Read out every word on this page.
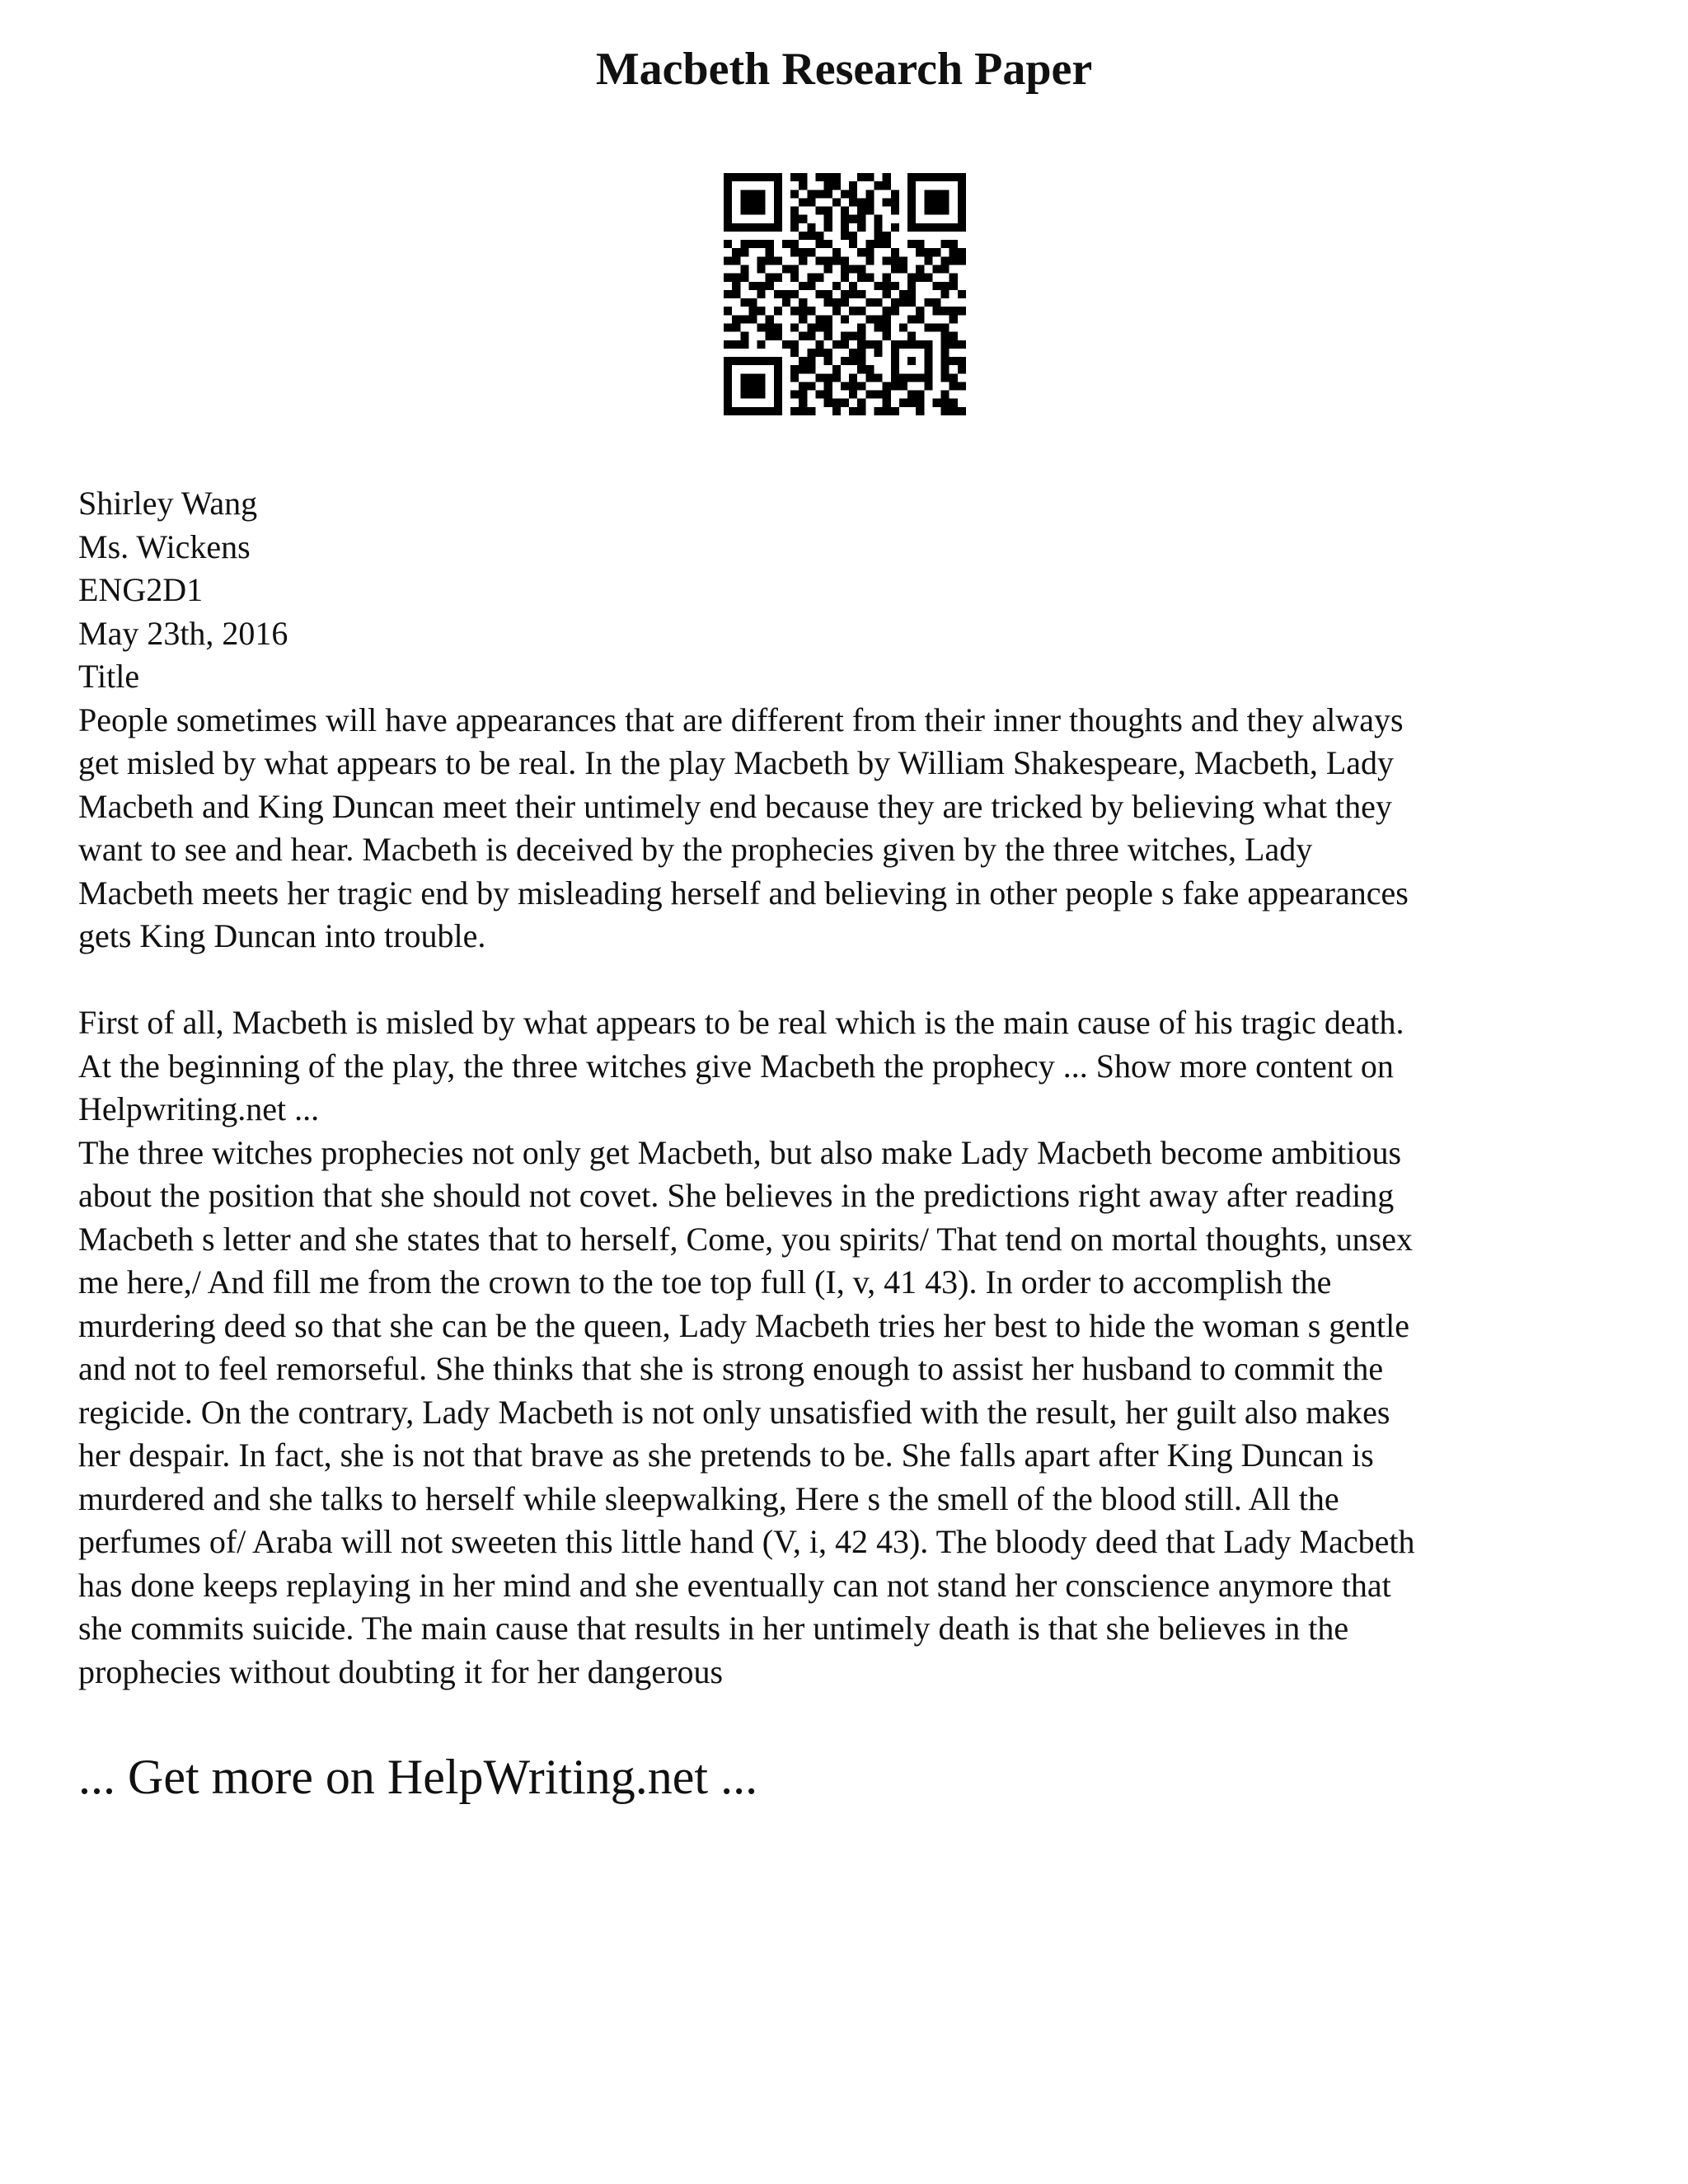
Macbeth Research Paper
Shirley Wang
Ms. Wickens
ENG2D1
May 23th, 2016
Title
People sometimes will have appearances that are different from their inner thoughts and they always
get misled by what appears to be real. In the play Macbeth by William Shakespeare, Macbeth, Lady
Macbeth and King Duncan meet their untimely end because they are tricked by believing what they
want to see and hear. Macbeth is deceived by the prophecies given by the three witches, Lady
Macbeth meets her tragic end by misleading herself and believing in other people s fake appearances
gets King Duncan into trouble.
First of all, Macbeth is misled by what appears to be real which is the main cause of his tragic death.
At the beginning of the play, the three witches give Macbeth the prophecy ... Show more content on
Helpwriting.net ...
The three witches prophecies not only get Macbeth, but also make Lady Macbeth become ambitious
about the position that she should not covet. She believes in the predictions right away after reading
Macbeth s letter and she states that to herself, Come, you spirits/ That tend on mortal thoughts, unsex
me here,/ And fill me from the crown to the toe top full (I, v, 41 43). In order to accomplish the
murdering deed so that she can be the queen, Lady Macbeth tries her best to hide the woman s gentle
and not to feel remorseful. She thinks that she is strong enough to assist her husband to commit the
regicide. On the contrary, Lady Macbeth is not only unsatisfied with the result, her guilt also makes
her despair. In fact, she is not that brave as she pretends to be. She falls apart after King Duncan is
murdered and she talks to herself while sleepwalking, Here s the smell of the blood still. All the
perfumes of/ Araba will not sweeten this little hand (V, i, 42 43). The bloody deed that Lady Macbeth
has done keeps replaying in her mind and she eventually can not stand her conscience anymore that
she commits suicide. The main cause that results in her untimely death is that she believes in the
prophecies without doubting it for her dangerous
... Get more on HelpWriting.net ...
